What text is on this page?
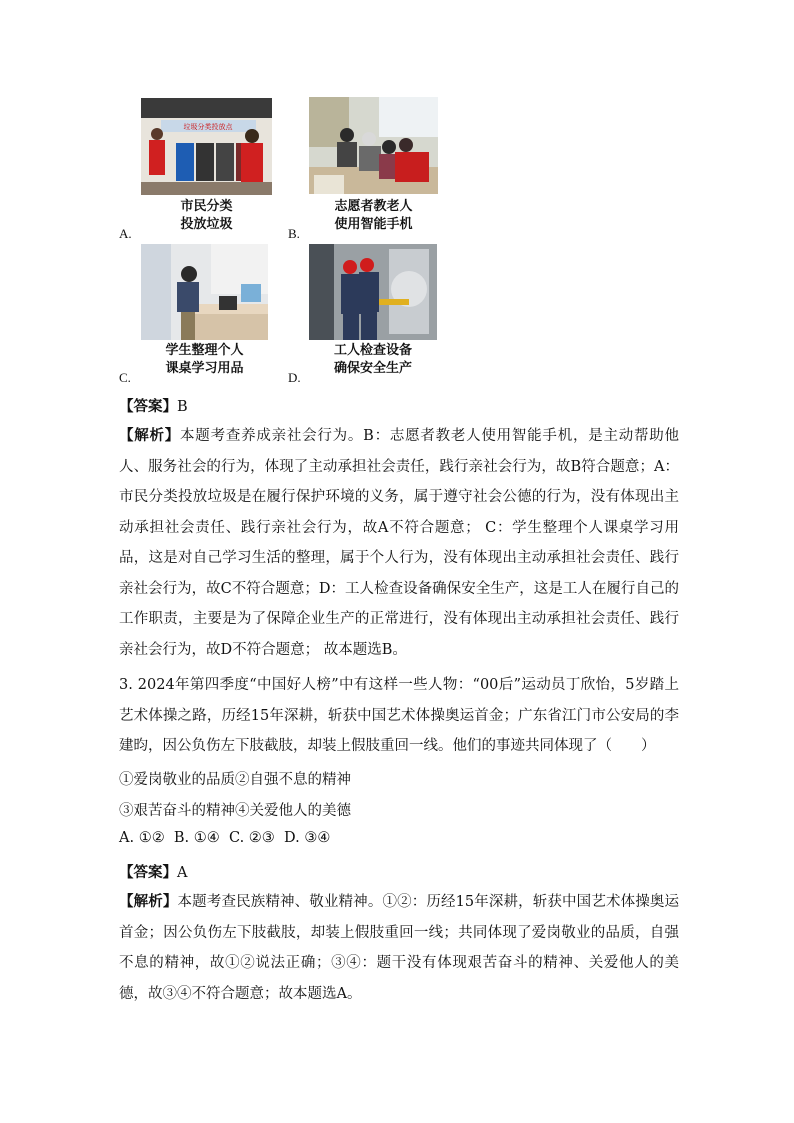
垃圾分类投放点
市民分类
投放垃圾
A.
志愿者教老人
使用智能手机
B.
学生整理个人
课桌学习用品
C.
工人检查设备
确保安全生产
D.
【答案】B
【解析】本题考查养成亲社会行为。B：志愿者教老人使用智能手机，是主动帮助他人、服务社会的行为，体现了主动承担社会责任，践行亲社会行为，故B符合题意；A：市民分类投放垃圾是在履行保护环境的义务，属于遵守社会公德的行为，没有体现出主动承担社会责任、践行亲社会行为，故A不符合题意； C：学生整理个人课桌学习用品，这是对自己学习生活的整理，属于个人行为，没有体现出主动承担社会责任、践行亲社会行为，故C不符合题意；D：工人检查设备确保安全生产，这是工人在履行自己的工作职责，主要是为了保障企业生产的正常进行，没有体现出主动承担社会责任、践行亲社会行为，故D不符合题意； 故本题选B。
3. 2024年第四季度“中国好人榜”中有这样一些人物：“00后”运动员丁欣怡，5岁踏上艺术体操之路，历经15年深耕，斩获中国艺术体操奥运首金；广东省江门市公安局的李建昀，因公负伤左下肢截肢，却装上假肢重回一线。他们的事迹共同体现了（　　）
①爱岗敬业的品质②自强不息的精神
③艰苦奋斗的精神④关爱他人的美德
A. ①②  B. ①④  C. ②③  D. ③④
【答案】A
【解析】本题考查民族精神、敬业精神。①②：历经15年深耕，斩获中国艺术体操奥运首金；因公负伤左下肢截肢，却装上假肢重回一线；共同体现了爱岗敬业的品质，自强不息的精神，故①②说法正确；③④：题干没有体现艰苦奋斗的精神、关爱他人的美德，故③④不符合题意；故本题选A。
